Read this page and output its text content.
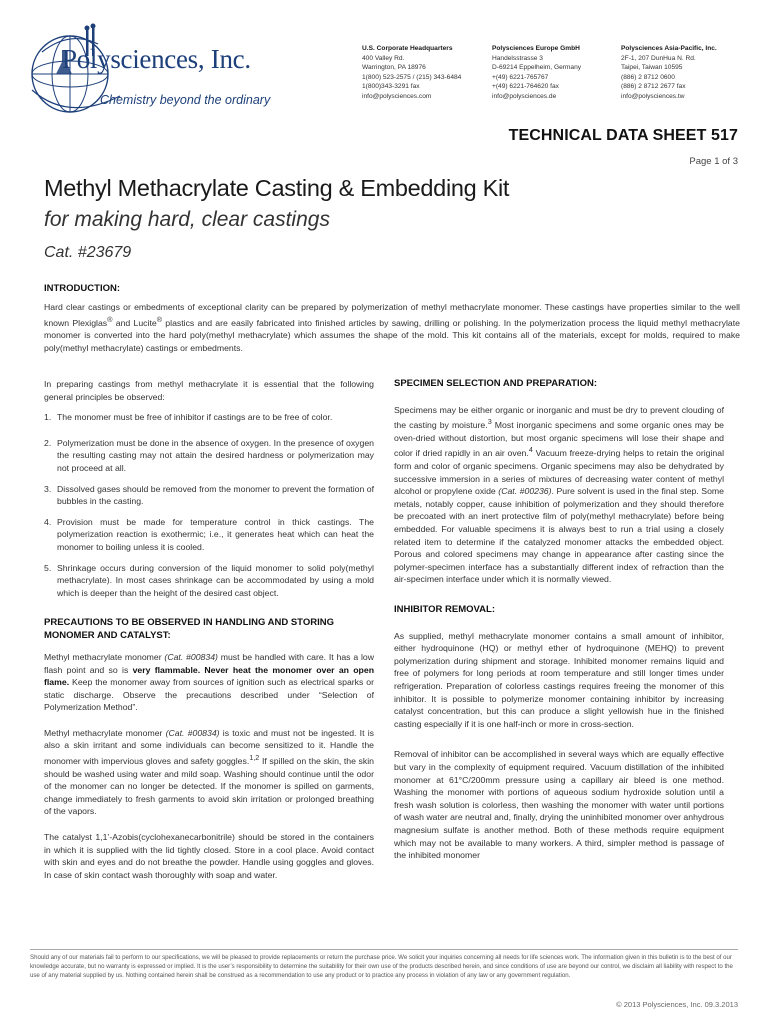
Polysciences, Inc.
Chemistry beyond the ordinary
U.S. Corporate Headquarters
400 Valley Rd.
Warrington, PA 18976
1(800) 523-2575 / (215) 343-6484
1(800)343-3291 fax
info@polysciences.com
Polysciences Europe GmbH
Handelsstrasse 3
D-69214 Eppelheim, Germany
+(49) 6221-765767
+(49) 6221-764620 fax
info@polysciences.de
Polysciences Asia-Pacific, Inc.
2F-1, 207 DunHua N. Rd.
Taipei, Taiwan 10595
(886) 2 8712 0600
(886) 2 8712 2677 fax
info@polysciences.tw
TECHNICAL DATA SHEET 517
Page 1 of 3
Methyl Methacrylate Casting & Embedding Kit
for making hard, clear castings
Cat. #23679
INTRODUCTION:

Hard clear castings or embedments of exceptional clarity can be prepared by polymerization of methyl methacrylate monomer. These castings have properties similar to the well known Plexiglas® and Lucite® plastics and are easily fabricated into finished articles by sawing, drilling or polishing. In the polymerization process the liquid methyl methacrylate monomer is converted into the hard poly(methyl methacrylate) which assumes the shape of the mold. This kit contains all of the materials, except for molds, required to make poly(methyl methacrylate) castings or embedments.

In preparing castings from methyl methacrylate it is essential that the following general principles be observed:

1. The monomer must be free of inhibitor if castings are to be free of color.
2. Polymerization must be done in the absence of oxygen. In the presence of oxygen the resulting casting may not attain the desired hardness or polymerization may not proceed at all.
3. Dissolved gases should be removed from the monomer to prevent the formation of bubbles in the casting.
4. Provision must be made for temperature control in thick castings. The polymerization reaction is exothermic; i.e., it generates heat which can heat the monomer to boiling unless it is cooled.
5. Shrinkage occurs during conversion of the liquid monomer to solid poly(methyl methacrylate). In most cases shrinkage can be accommodated by using a mold which is deeper than the height of the desired cast object.
PRECAUTIONS TO BE OBSERVED IN HANDLING AND STORING MONOMER AND CATALYST:

Methyl methacrylate monomer (Cat. #00834) must be handled with care. It has a low flash point and so is very flammable. Never heat the monomer over an open flame. Keep the monomer away from sources of ignition such as electrical sparks or static discharge. Observe the precautions described under “Selection of Polymerization Method”.

Methyl methacrylate monomer (Cat. #00834) is toxic and must not be ingested. It is also a skin irritant and some individuals can become sensitized to it. Handle the monomer with impervious gloves and safety goggles.$^{1,2}$ If spilled on the skin, the skin should be washed using water and mild soap. Washing should continue until the odor of the monomer can no longer be detected. If the monomer is spilled on garments, change immediately to fresh garments to avoid skin irritation or prolonged breathing of the vapors.

The catalyst 1,1’-Azobis(cyclohexanecarbonitrile) should be stored in the containers in which it is supplied with the lid tightly closed. Store in a cool place. Avoid contact with skin and eyes and do not breathe the powder. Handle using goggles and gloves. In case of skin contact wash thoroughly with soap and water.

SPECIMEN SELECTION AND PREPARATION:

Specimens may be either organic or inorganic and must be dry to prevent clouding of the casting by moisture.$^3$ Most inorganic specimens and some organic ones may be oven-dried without distortion, but most organic specimens will lose their shape and color if dried rapidly in an air oven.$^4$ Vacuum freeze-drying helps to retain the original form and color of organic specimens. Organic specimens may also be dehydrated by successive immersion in a series of mixtures of decreasing water content of methyl alcohol or propylene oxide (Cat. #00236). Pure solvent is used in the final step. Some metals, notably copper, cause inhibition of polymerization and they should therefore be precoated with an inert protective film of poly(methyl methacrylate) before being embedded. For valuable specimens it is always best to run a trial using a closely related item to determine if the catalyzed monomer attacks the embedded object. Porous and colored specimens may change in appearance after casting since the polymer-specimen interface has a substantially different index of refraction than the air-specimen interface under which it is normally viewed.

INHIBITOR REMOVAL:

As supplied, methyl methacrylate monomer contains a small amount of inhibitor, either hydroquinone (HQ) or methyl ether of hydroquinone (MEHQ) to prevent polymerization during shipment and storage. Inhibited monomer remains liquid and free of polymers for long periods at room temperature and still longer times under refrigeration. Preparation of colorless castings requires freeing the monomer of this inhibitor. It is possible to polymerize monomer containing inhibitor by increasing catalyst concentration, but this can produce a slight yellowish hue in the finished casting especially if it is one half-inch or more in cross-section.

Removal of inhibitor can be accomplished in several ways which are equally effective but vary in the complexity of equipment required. Vacuum distillation of the inhibited monomer at 61°C/200mm pressure using a capillary air bleed is one method. Washing the monomer with portions of aqueous sodium hydroxide solution until a fresh wash solution is colorless, then washing the monomer with water until portions of wash water are neutral and, finally, drying the uninhibited monomer over anhydrous magnesium sulfate is another method. Both of these methods require equipment which may not be available to many workers. A third, simpler method is passage of the inhibited monomer

Should any of our materials fail to perform to our specifications, we will be pleased to provide replacements or return the purchase price. We solicit your inquiries concerning all needs for life sciences work. The information given in this bulletin is to the best of our knowledge accurate, but no warranty is expressed or implied. It is the user’s responsibility to determine the suitability for their own use of the products described herein, and since conditions of use are beyond our control, we disclaim all liability with respect to the use of any material supplied by us. Nothing contained herein shall be construed as a recommendation to use any product or to practice any process in violation of any law or any government regulation.

© 2013 Polysciences, Inc. 09.3.2013
